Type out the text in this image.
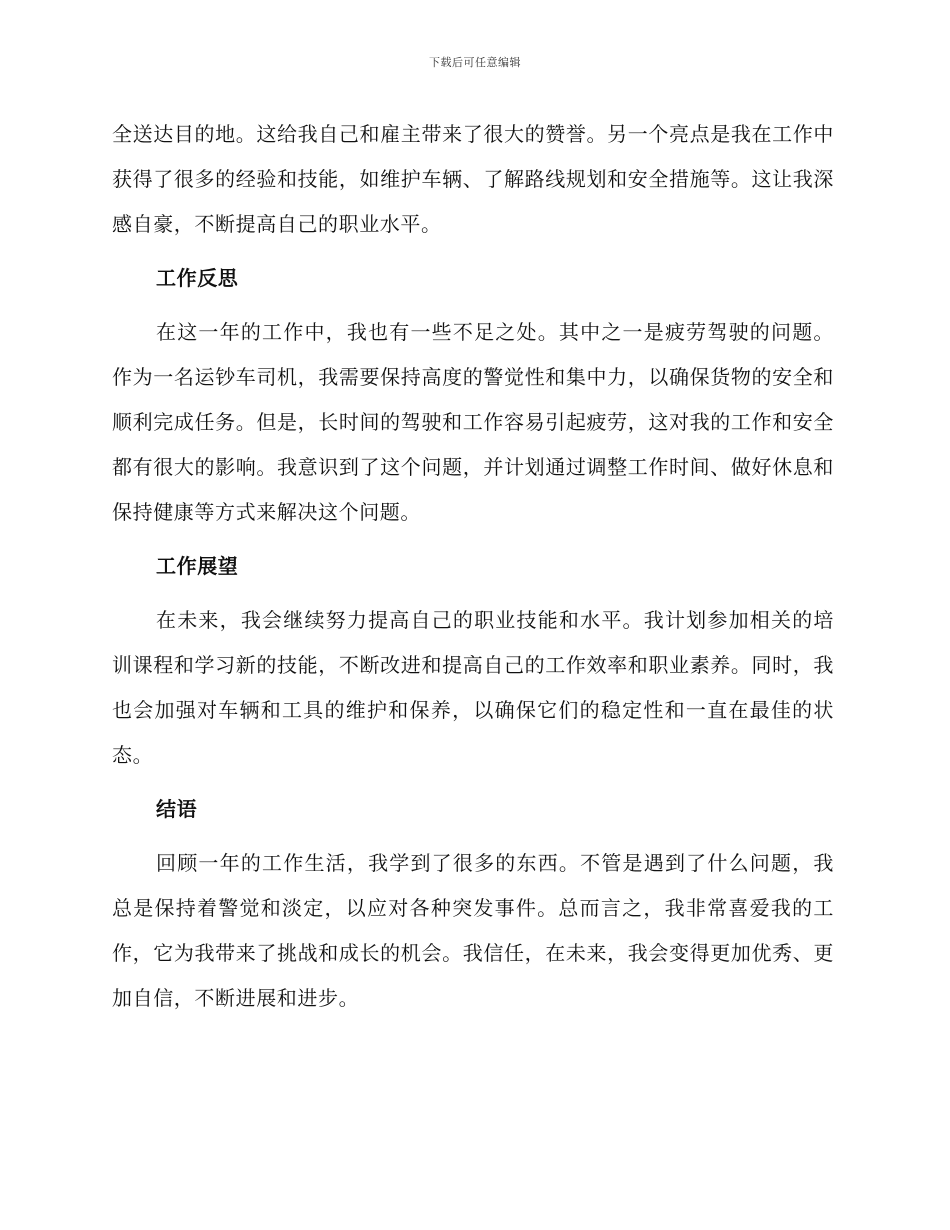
下载后可任意编辑

全送达目的地。这给我自己和雇主带来了很大的赞誉。另一个亮点是我在工作中获得了很多的经验和技能，如维护车辆、了解路线规划和安全措施等。这让我深感自豪，不断提高自己的职业水平。

工作反思

在这一年的工作中，我也有一些不足之处。其中之一是疲劳驾驶的问题。作为一名运钞车司机，我需要保持高度的警觉性和集中力，以确保货物的安全和顺利完成任务。但是，长时间的驾驶和工作容易引起疲劳，这对我的工作和安全都有很大的影响。我意识到了这个问题，并计划通过调整工作时间、做好休息和保持健康等方式来解决这个问题。

工作展望

在未来，我会继续努力提高自己的职业技能和水平。我计划参加相关的培训课程和学习新的技能，不断改进和提高自己的工作效率和职业素养。同时，我也会加强对车辆和工具的维护和保养，以确保它们的稳定性和一直在最佳的状态。

结语

回顾一年的工作生活，我学到了很多的东西。不管是遇到了什么问题，我总是保持着警觉和淡定，以应对各种突发事件。总而言之，我非常喜爱我的工作，它为我带来了挑战和成长的机会。我信任，在未来，我会变得更加优秀、更加自信，不断进展和进步。
